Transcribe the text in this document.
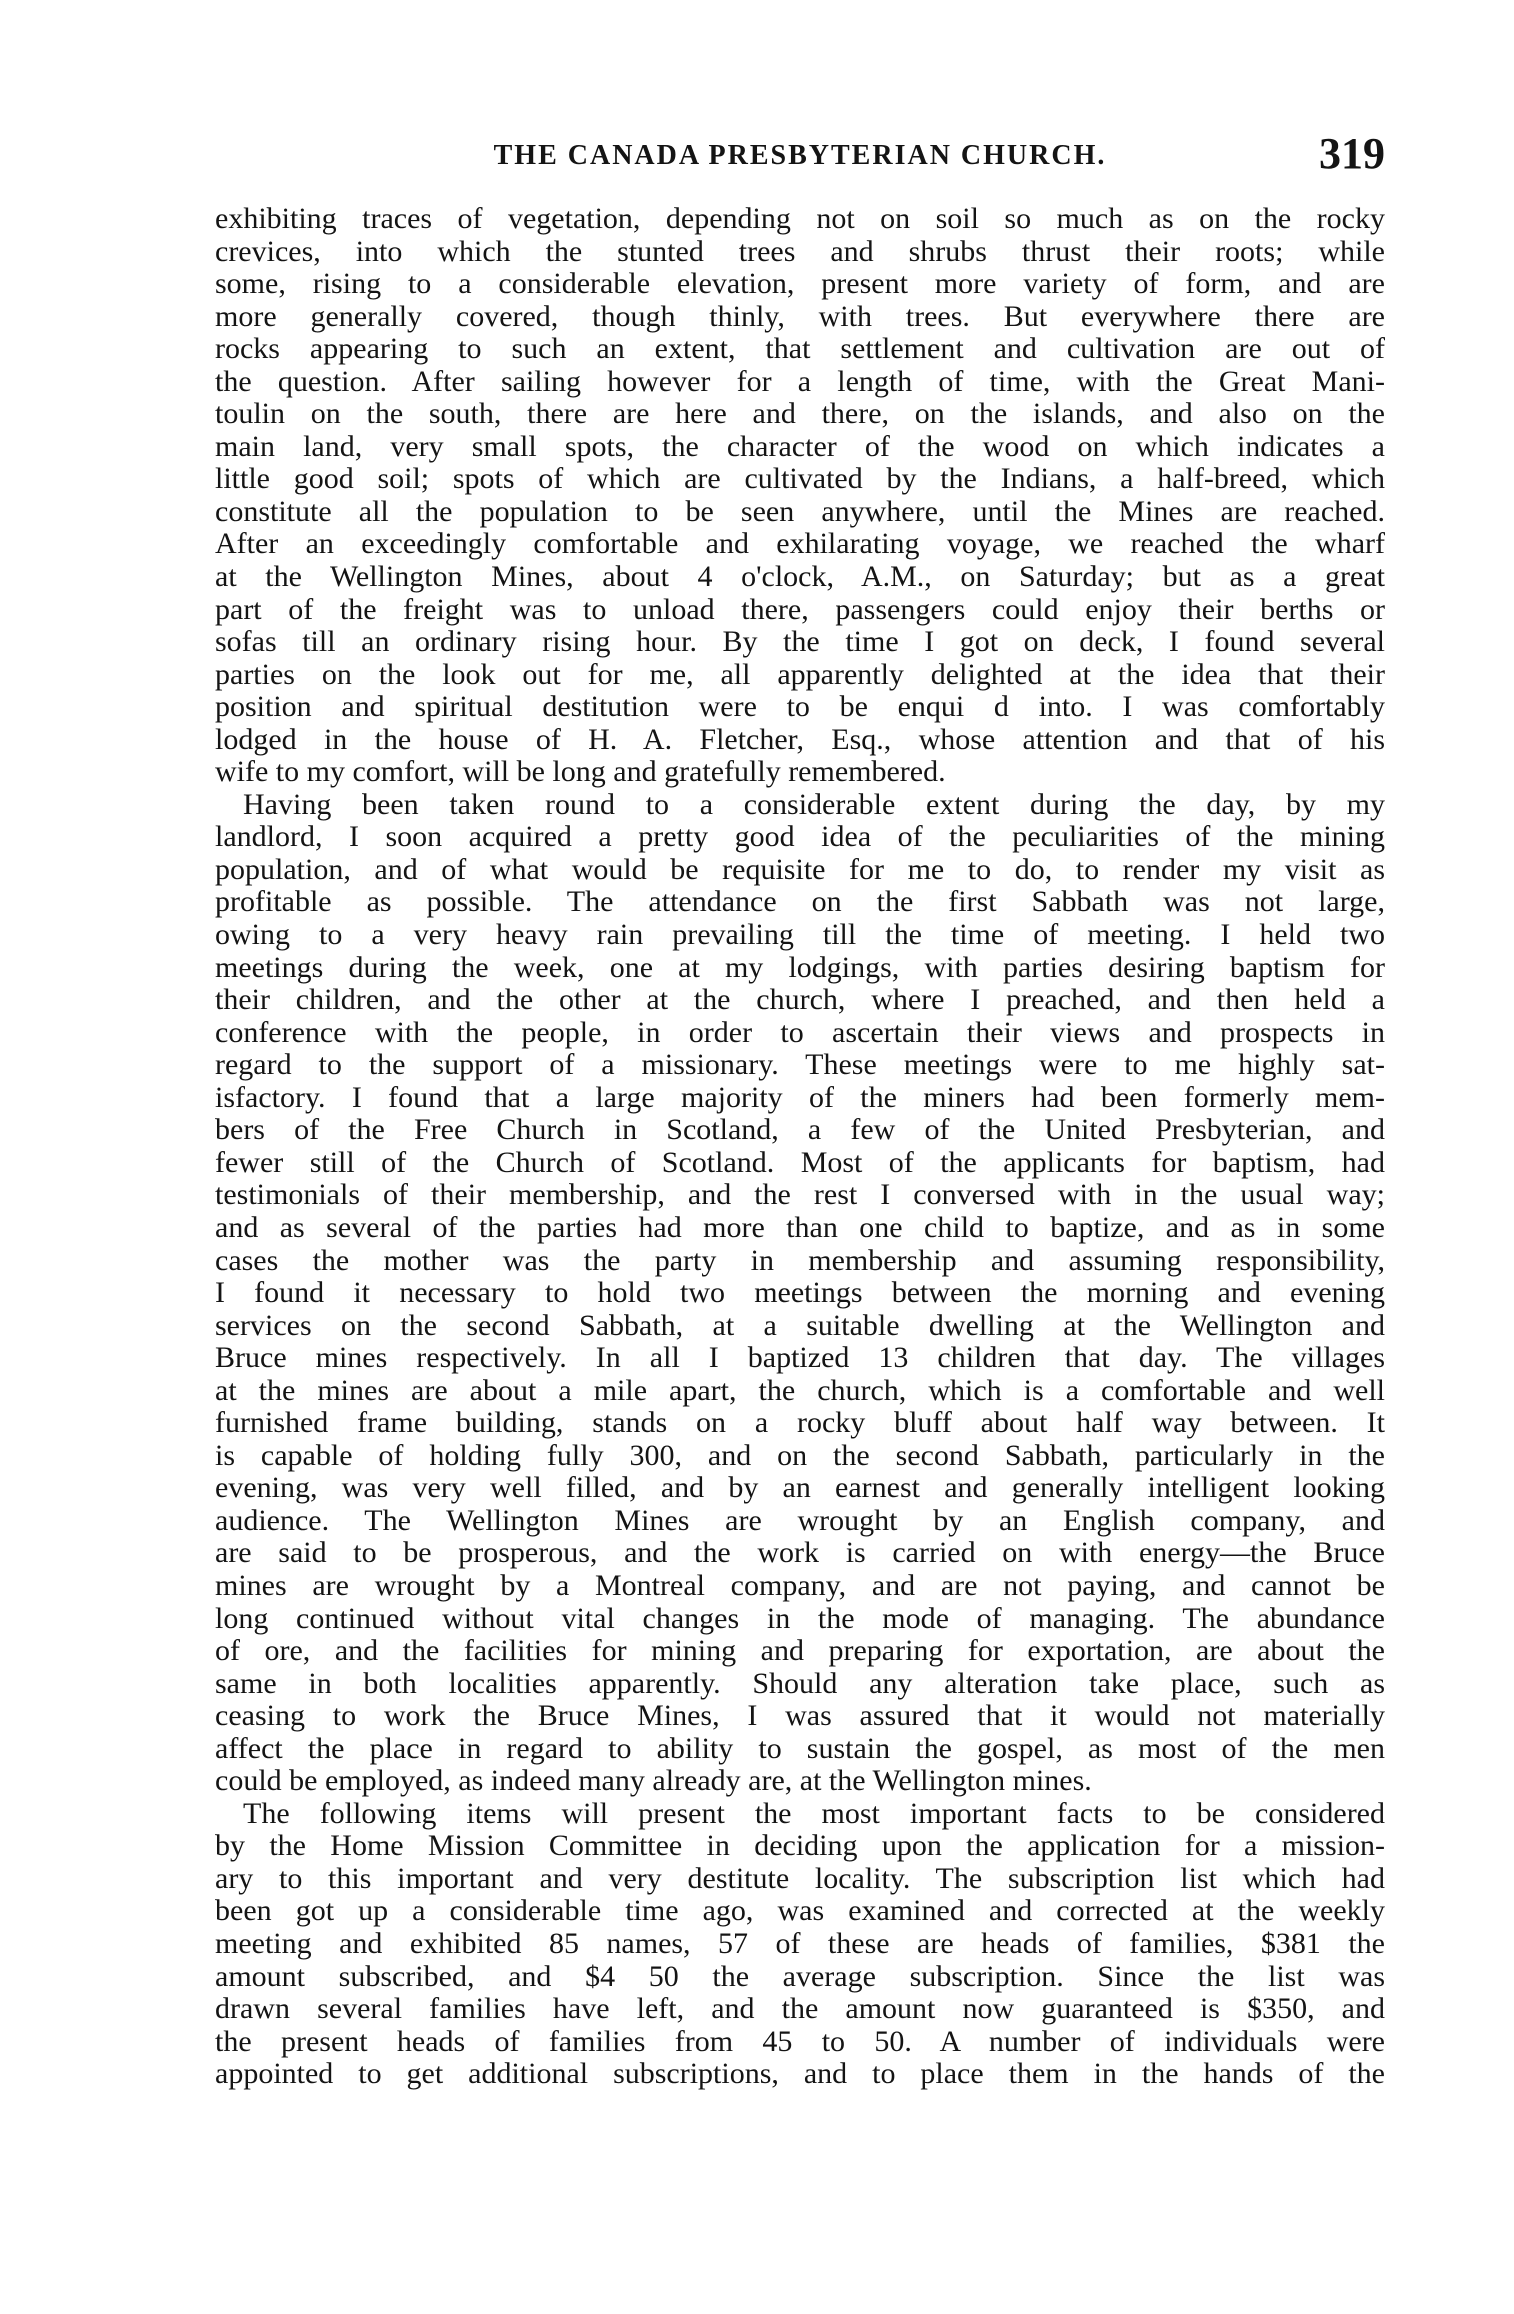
THE CANADA PRESBYTERIAN CHURCH.	319
exhibiting traces of vegetation, depending not on soil so much as on the rocky
crevices, into which the stunted trees and shrubs thrust their roots; while
some, rising to a considerable elevation, present more variety of form, and are
more generally covered, though thinly, with trees. But everywhere there are
rocks appearing to such an extent, that settlement and cultivation are out of
the question. After sailing however for a length of time, with the Great Mani-
toulin on the south, there are here and there, on the islands, and also on the
main land, very small spots, the character of the wood on which indicates a
little good soil; spots of which are cultivated by the Indians, a half-breed, which
constitute all the population to be seen anywhere, until the Mines are reached.
After an exceedingly comfortable and exhilarating voyage, we reached the wharf
at the Wellington Mines, about 4 o'clock, A.M., on Saturday; but as a great
part of the freight was to unload there, passengers could enjoy their berths or
sofas till an ordinary rising hour. By the time I got on deck, I found several
parties on the look out for me, all apparently delighted at the idea that their
position and spiritual destitution were to be enqui d into. I was comfortably
lodged in the house of H. A. Fletcher, Esq., whose attention and that of his
wife to my comfort, will be long and gratefully remembered.
Having been taken round to a considerable extent during the day, by my
landlord, I soon acquired a pretty good idea of the peculiarities of the mining
population, and of what would be requisite for me to do, to render my visit as
profitable as possible. The attendance on the first Sabbath was not large,
owing to a very heavy rain prevailing till the time of meeting. I held two
meetings during the week, one at my lodgings, with parties desiring baptism for
their children, and the other at the church, where I preached, and then held a
conference with the people, in order to ascertain their views and prospects in
regard to the support of a missionary. These meetings were to me highly sat-
isfactory. I found that a large majority of the miners had been formerly mem-
bers of the Free Church in Scotland, a few of the United Presbyterian, and
fewer still of the Church of Scotland. Most of the applicants for baptism, had
testimonials of their membership, and the rest I conversed with in the usual way;
and as several of the parties had more than one child to baptize, and as in some
cases the mother was the party in membership and assuming responsibility,
I found it necessary to hold two meetings between the morning and evening
services on the second Sabbath, at a suitable dwelling at the Wellington and
Bruce mines respectively. In all I baptized 13 children that day. The villages
at the mines are about a mile apart, the church, which is a comfortable and well
furnished frame building, stands on a rocky bluff about half way between. It
is capable of holding fully 300, and on the second Sabbath, particularly in the
evening, was very well filled, and by an earnest and generally intelligent looking
audience. The Wellington Mines are wrought by an English company, and
are said to be prosperous, and the work is carried on with energy—the Bruce
mines are wrought by a Montreal company, and are not paying, and cannot be
long continued without vital changes in the mode of managing. The abundance
of ore, and the facilities for mining and preparing for exportation, are about the
same in both localities apparently. Should any alteration take place, such as
ceasing to work the Bruce Mines, I was assured that it would not materially
affect the place in regard to ability to sustain the gospel, as most of the men
could be employed, as indeed many already are, at the Wellington mines.
The following items will present the most important facts to be considered
by the Home Mission Committee in deciding upon the application for a mission-
ary to this important and very destitute locality. The subscription list which had
been got up a considerable time ago, was examined and corrected at the weekly
meeting and exhibited 85 names, 57 of these are heads of families, $381 the
amount subscribed, and $4 50 the average subscription. Since the list was
drawn several families have left, and the amount now guaranteed is $350, and
the present heads of families from 45 to 50. A number of individuals were
appointed to get additional subscriptions, and to place them in the hands of the
